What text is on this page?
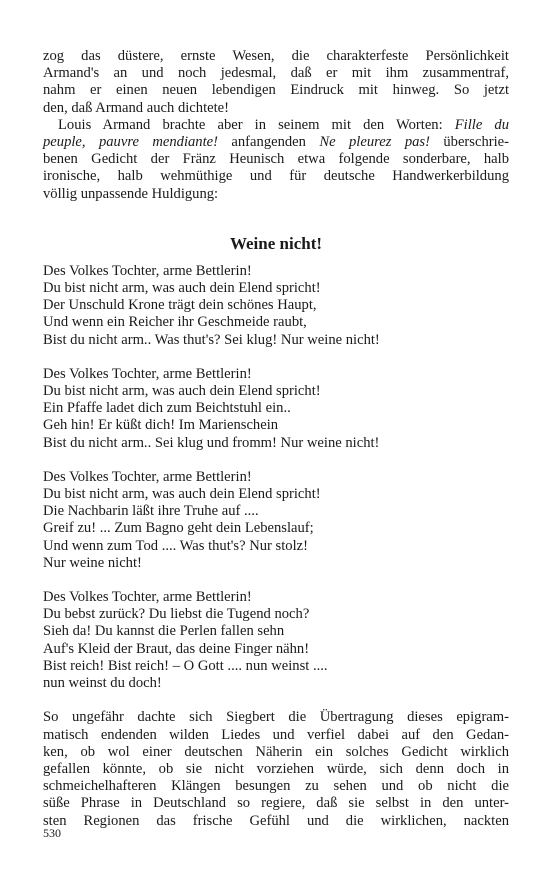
zog das düstere, ernste Wesen, die charakterfeste Persönlichkeit
Armand's an und noch jedesmal, daß er mit ihm zusammentraf,
nahm er einen neuen lebendigen Eindruck mit hinweg. So jetzt
den, daß Armand auch dichtete!

Louis Armand brachte aber in seinem mit den Worten: Fille du
peuple, pauvre mendiante! anfangenden Ne pleurez pas! überschrie-
benen Gedicht der Fränz Heunisch etwa folgende sonderbare, halb
ironische, halb wehmüthige und für deutsche Handwerkerbildung
völlig unpassende Huldigung:

Weine nicht!
Des Volkes Tochter, arme Bettlerin!
Du bist nicht arm, was auch dein Elend spricht!
Der Unschuld Krone trägt dein schönes Haupt,
Und wenn ein Reicher ihr Geschmeide raubt,
Bist du nicht arm.. Was thut's? Sei klug! Nur weine nicht!
Des Volkes Tochter, arme Bettlerin!
Du bist nicht arm, was auch dein Elend spricht!
Ein Pfaffe ladet dich zum Beichtstuhl ein..
Geh hin! Er küßt dich! Im Marienschein
Bist du nicht arm.. Sei klug und fromm! Nur weine nicht!
Des Volkes Tochter, arme Bettlerin!
Du bist nicht arm, was auch dein Elend spricht!
Die Nachbarin läßt ihre Truhe auf ....
Greif zu! ... Zum Bagno geht dein Lebenslauf;
Und wenn zum Tod .... Was thut's? Nur stolz!
Nur weine nicht!
Des Volkes Tochter, arme Bettlerin!
Du bebst zurück? Du liebst die Tugend noch?
Sieh da! Du kannst die Perlen fallen sehn
Auf's Kleid der Braut, das deine Finger nähn!
Bist reich! Bist reich! – O Gott .... nun weinst ....
nun weinst du doch!

So ungefähr dachte sich Siegbert die Übertragung dieses epigram-
matisch endenden wilden Liedes und verfiel dabei auf den Gedan-
ken, ob wol einer deutschen Näherin ein solches Gedicht wirklich
gefallen könnte, ob sie nicht vorziehen würde, sich denn doch in
schmeichelhafteren Klängen besungen zu sehen und ob nicht die
süße Phrase in Deutschland so regiere, daß sie selbst in den unter-
sten Regionen das frische Gefühl und die wirklichen, nackten

530
